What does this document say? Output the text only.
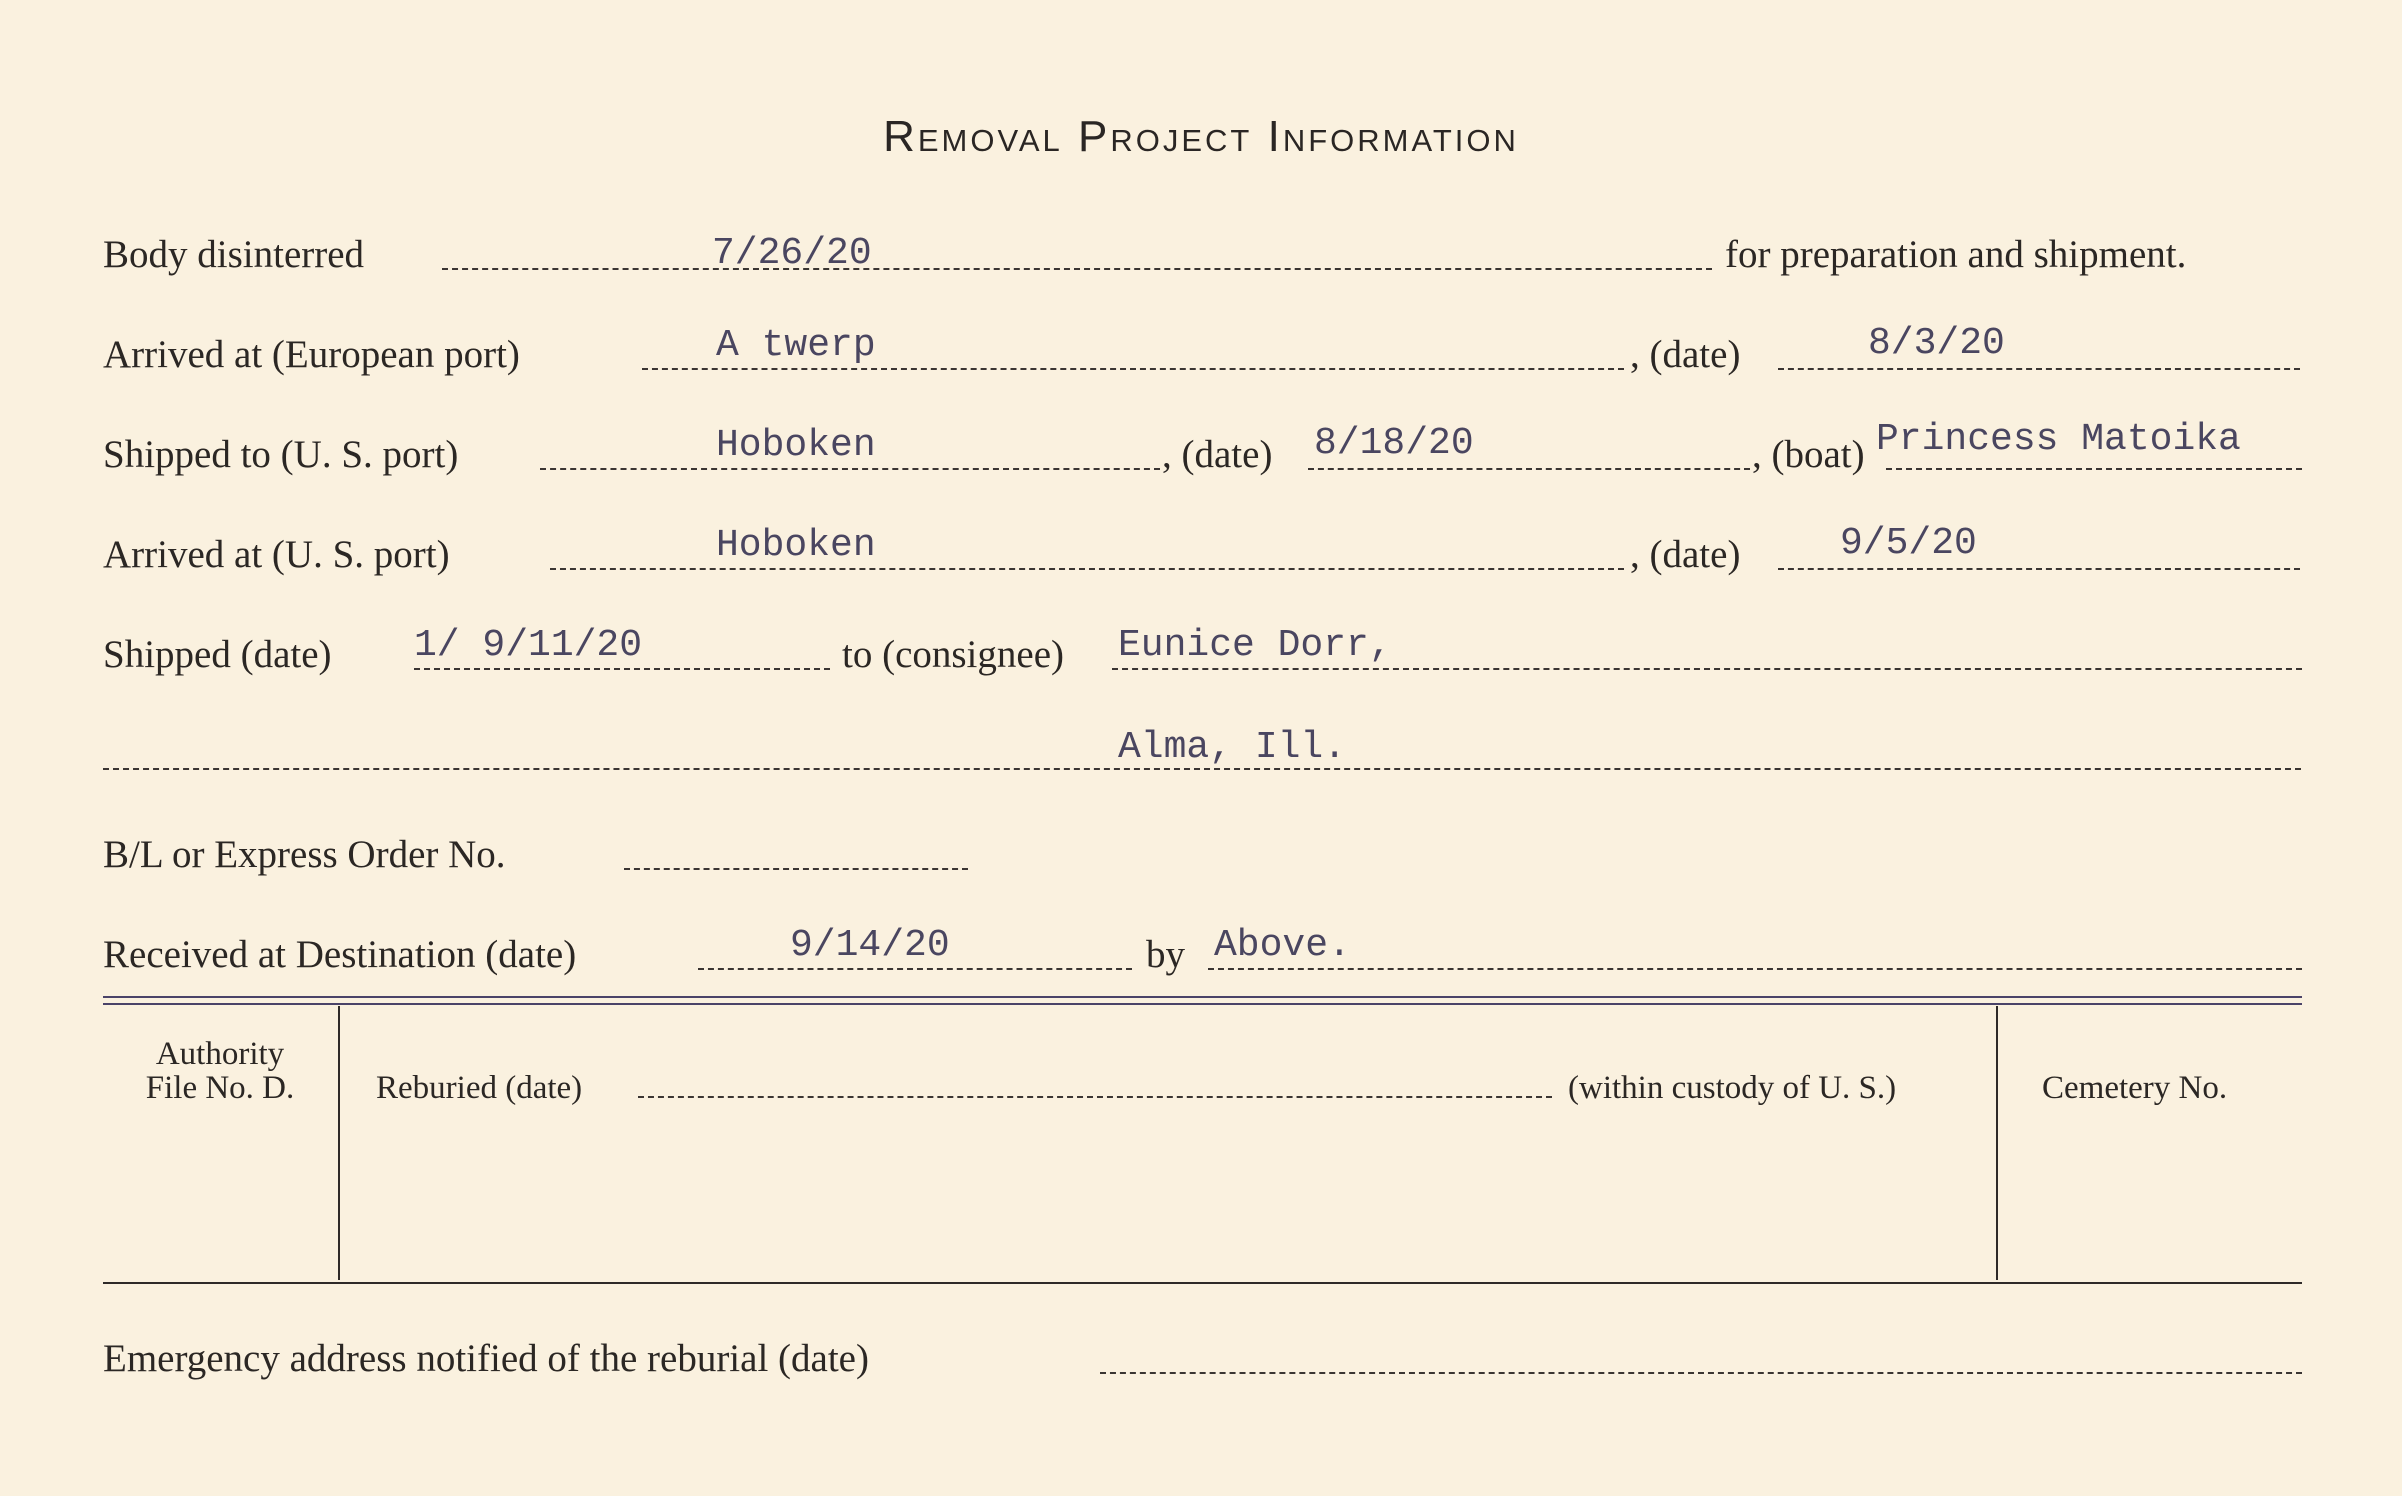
Removal Project Information
Body disinterred	7/26/20	for preparation and shipment.
Arrived at (European port)	A twerp	, (date)	8/3/20
Shipped to (U. S. port)	Hoboken	, (date) 8/18/20	, (boat) Princess Matoika
Arrived at (U. S. port)	Hoboken	, (date)	9/5/20
Shipped (date) 1/ 9/11/20	to (consignee) Eunice Dorr,
Alma, Ill.
B/L or Express Order No.
Received at Destination (date)	9/14/20	by Above.
Authority
File No. D.	Reburied (date)	(within custody of U. S.)	Cemetery No.
Emergency address notified of the reburial (date)
